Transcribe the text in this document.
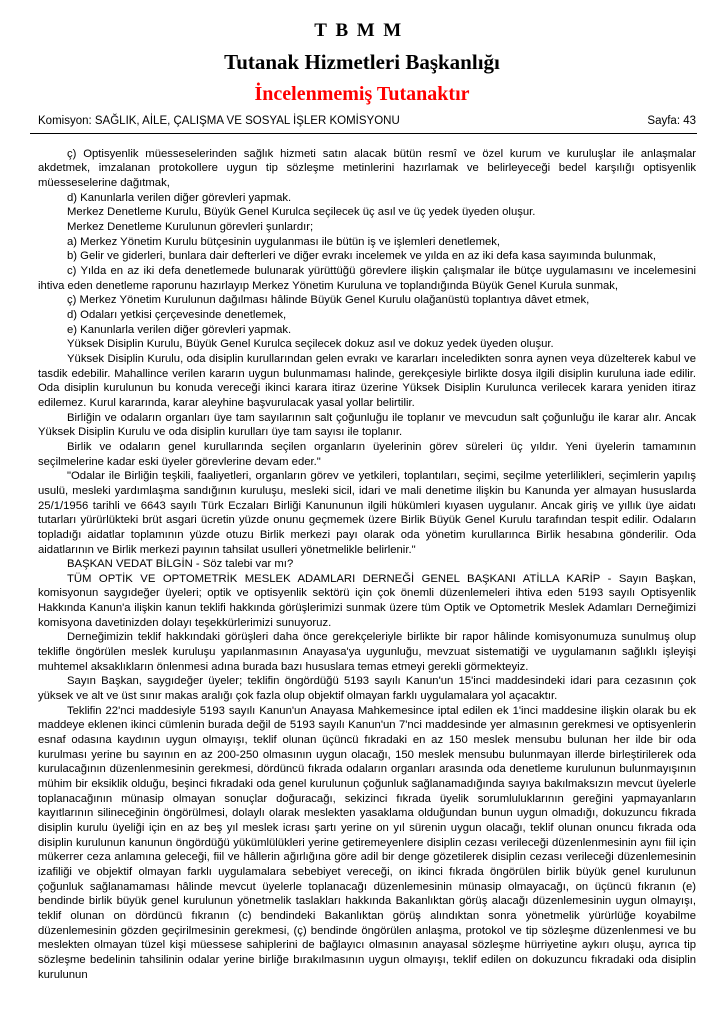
TBMM
Tutanak Hizmetleri Başkanlığı
İncelenmemiş Tutanaktır
Komisyon: SAĞLIK, AİLE, ÇALIŞMA VE SOSYAL İŞLER KOMİSYONU	Sayfa: 43

ç) Optisyenlik müesseselerinden sağlık hizmeti satın alacak bütün resmî ve özel kurum ve kuruluşlar ile anlaşmalar akdetmek, imzalanan protokollere uygun tip sözleşme metinlerini hazırlamak ve belirleyeceği bedel karşılığı optisyenlik müesseselerine dağıtmak,

d) Kanunlarla verilen diğer görevleri yapmak.

Merkez Denetleme Kurulu, Büyük Genel Kurulca seçilecek üç asıl ve üç yedek üyeden oluşur.

Merkez Denetleme Kurulunun görevleri şunlardır;

a) Merkez Yönetim Kurulu bütçesinin uygulanması ile bütün iş ve işlemleri denetlemek,

b) Gelir ve giderleri, bunlara dair defterleri ve diğer evrakı incelemek ve yılda en az iki defa kasa sayımında bulunmak,

c) Yılda en az iki defa denetlemede bulunarak yürüttüğü görevlere ilişkin çalışmalar ile bütçe uygulamasını ve incelemesini ihtiva eden denetleme raporunu hazırlayıp Merkez Yönetim Kuruluna ve toplandığında Büyük Genel Kurula sunmak,

ç) Merkez Yönetim Kurulunun dağılması hâlinde Büyük Genel Kurulu olağanüstü toplantıya dâvet etmek,

d) Odaları yetkisi çerçevesinde denetlemek,

e) Kanunlarla verilen diğer görevleri yapmak.

Yüksek Disiplin Kurulu, Büyük Genel Kurulca seçilecek dokuz asıl ve dokuz yedek üyeden oluşur.

Yüksek Disiplin Kurulu, oda disiplin kurullarından gelen evrakı ve kararları inceledikten sonra aynen veya düzelterek kabul ve tasdik edebilir. Mahallince verilen kararın uygun bulunmaması halinde, gerekçesiyle birlikte dosya ilgili disiplin kuruluna iade edilir. Oda disiplin kurulunun bu konuda vereceği ikinci karara itiraz üzerine Yüksek Disiplin Kurulunca verilecek karara yeniden itiraz edilemez. Kurul kararında, karar aleyhine başvurulacak yasal yollar belirtilir.

Birliğin ve odaların organları üye tam sayılarının salt çoğunluğu ile toplanır ve mevcudun salt çoğunluğu ile karar alır. Ancak Yüksek Disiplin Kurulu ve oda disiplin kurulları üye tam sayısı ile toplanır.

Birlik ve odaların genel kurullarında seçilen organların üyelerinin görev süreleri üç yıldır. Yeni üyelerin tamamının seçilmelerine kadar eski üyeler görevlerine devam eder."

"Odalar ile Birliğin teşkili, faaliyetleri, organların görev ve yetkileri, toplantıları, seçimi, seçilme yeterlilikleri, seçimlerin yapılış usulü, mesleki yardımlaşma sandığının kuruluşu, mesleki sicil, idari ve mali denetime ilişkin bu Kanunda yer almayan hususlarda 25/1/1956 tarihli ve 6643 sayılı Türk Eczaları Birliği Kanununun ilgili hükümleri kıyasen uygulanır. Ancak giriş ve yıllık üye aidatı tutarları yürürlükteki brüt asgari ücretin yüzde onunu geçmemek üzere Birlik Büyük Genel Kurulu tarafından tespit edilir. Odaların topladığı aidatlar toplamının yüzde otuzu Birlik merkezi payı olarak oda yönetim kurullarınca Birlik hesabına gönderilir. Oda aidatlarının ve Birlik merkezi payının tahsilat usulleri yönetmelikle belirlenir."

BAŞKAN VEDAT BİLGİN - Söz talebi var mı?

TÜM OPTİK VE OPTOMETRİK MESLEK ADAMLARI DERNEĞİ GENEL BAŞKANI ATİLLA KARİP - Sayın Başkan, komisyonun saygıdeğer üyeleri; optik ve optisyenlik sektörü için çok önemli düzenlemeleri ihtiva eden 5193 sayılı Optisyenlik Hakkında Kanun'a ilişkin kanun teklifi hakkında görüşlerimizi sunmak üzere tüm Optik ve Optometrik Meslek Adamları Derneğimizi komisyona davetinizden dolayı teşekkürlerimizi sunuyoruz.

Derneğimizin teklif hakkındaki görüşleri daha önce gerekçeleriyle birlikte bir rapor hâlinde komisyonumuza sunulmuş olup teklifle öngörülen meslek kuruluşu yapılanmasının Anayasa'ya uygunluğu, mevzuat sistematiği ve uygulamanın sağlıklı işleyişi muhtemel aksaklıkların önlenmesi adına burada bazı hususlara temas etmeyi gerekli görmekteyiz.

Sayın Başkan, saygıdeğer üyeler; teklifin öngördüğü 5193 sayılı Kanun'un 15'inci maddesindeki idari para cezasının çok yüksek ve alt ve üst sınır makas aralığı çok fazla olup objektif olmayan farklı uygulamalara yol açacaktır.

Teklifin 22'nci maddesiyle 5193 sayılı Kanun'un Anayasa Mahkemesince iptal edilen ek 1'inci maddesine ilişkin olarak bu ek maddeye eklenen ikinci cümlenin burada değil de 5193 sayılı Kanun'un 7'nci maddesinde yer almasının gerekmesi ve optisyenlerin esnaf odasına kaydının uygun olmayışı, teklif olunan üçüncü fıkradaki en az 150 meslek mensubu bulunan her ilde bir oda kurulması yerine bu sayının en az 200-250 olmasının uygun olacağı, 150 meslek mensubu bulunmayan illerde birleştirilerek oda kurulacağının düzenlenmesinin gerekmesi, dördüncü fıkrada odaların organları arasında oda denetleme kurulunun bulunmayışının mühim bir eksiklik olduğu, beşinci fıkradaki oda genel kurulunun çoğunluk sağlanamadığında sayıya bakılmaksızın mevcut üyelerle toplanacağının münasip olmayan sonuçlar doğuracağı, sekizinci fıkrada üyelik sorumluluklarının gereğini yapmayanların kayıtlarının silineceğinin öngörülmesi, dolaylı olarak meslekten yasaklama olduğundan bunun uygun olmadığı, dokuzuncu fıkrada disiplin kurulu üyeliği için en az beş yıl meslek icrası şartı yerine on yıl sürenin uygun olacağı, teklif olunan onuncu fıkrada oda disiplin kurulunun kanunun öngördüğü yükümlülükleri yerine getiremeyenlere disiplin cezası verileceği düzenlenmesinin aynı fiil için mükerrer ceza anlamına geleceği, fiil ve hâllerin ağırlığına göre adil bir denge gözetilerek disiplin cezası verileceği düzenlemesinin izafiliği ve objektif olmayan farklı uygulamalara sebebiyet vereceği, on ikinci fıkrada öngörülen birlik büyük genel kurulunun çoğunluk sağlanamaması hâlinde mevcut üyelerle toplanacağı düzenlemesinin münasip olmayacağı, on üçüncü fıkranın (e) bendinde birlik büyük genel kurulunun yönetmelik taslakları hakkında Bakanlıktan görüş alacağı düzenlemesinin uygun olmayışı, teklif olunan on dördüncü fıkranın (c) bendindeki Bakanlıktan görüş alındıktan sonra yönetmelik yürürlüğe koyabilme düzenlemesinin gözden geçirilmesinin gerekmesi, (ç) bendinde öngörülen anlaşma, protokol ve tip sözleşme düzenlenmesi ve bu meslekten olmayan tüzel kişi müessese sahiplerini de bağlayıcı olmasının anayasal sözleşme hürriyetine aykırı oluşu, ayrıca tip sözleşme bedelinin tahsilinin odalar yerine birliğe bırakılmasının uygun olmayışı, teklif edilen on dokuzuncu fıkradaki oda disiplin kurulunun
